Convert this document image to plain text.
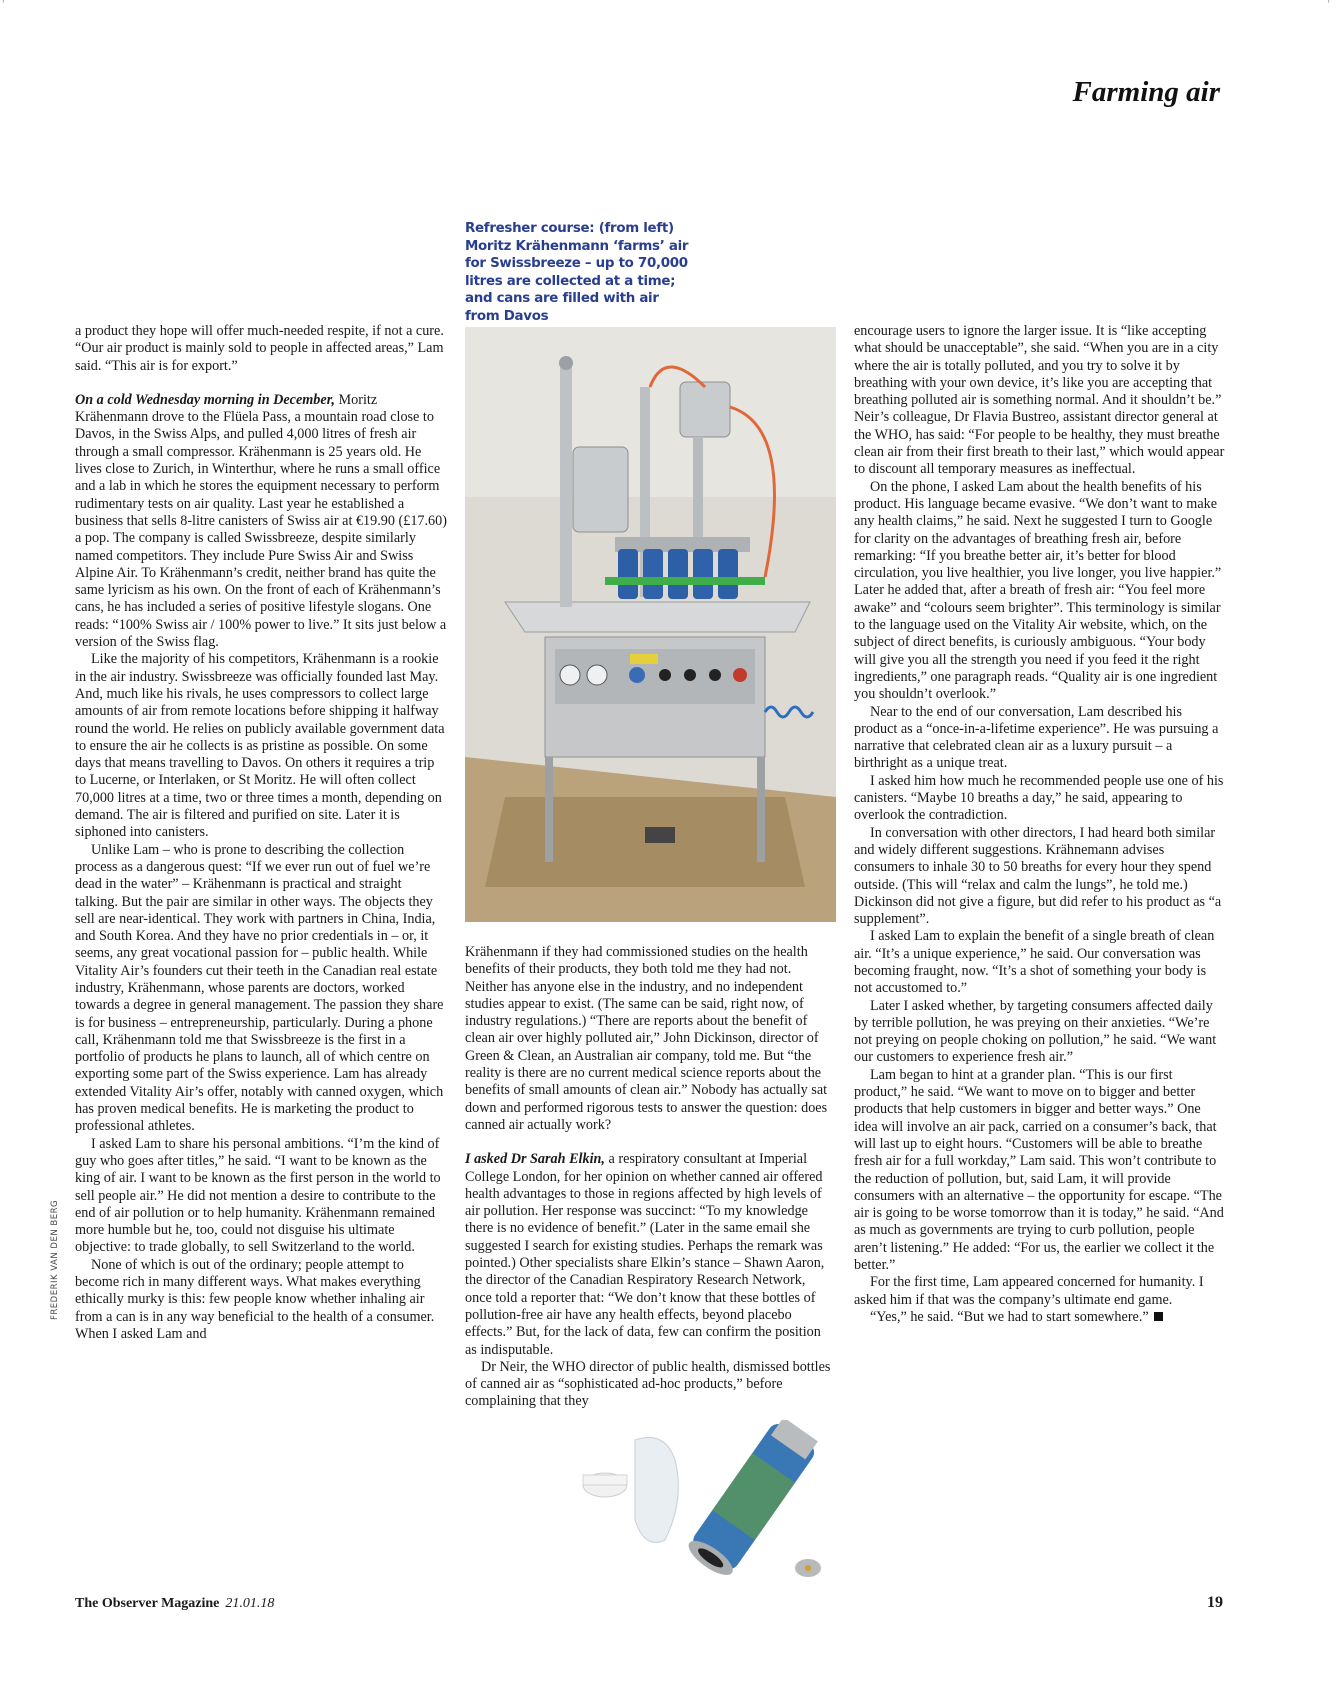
'	'
Farming air
Refresher course: (from left) Moritz Krähenmann ‘farms’ air for Swissbreeze – up to 70,000 litres are collected at a time; and cans are filled with air from Davos

a product they hope will offer much-needed respite, if not a cure. “Our air product is mainly sold to people in affected areas,” Lam said. “This air is for export.”

On a cold Wednesday morning in December, Moritz Krähenmann drove to the Flüela Pass, a mountain road close to Davos, in the Swiss Alps, and pulled 4,000 litres of fresh air through a small compressor. Krähenmann is 25 years old. He lives close to Zurich, in Winterthur, where he runs a small office and a lab in which he stores the equipment necessary to perform rudimentary tests on air quality. Last year he established a business that sells 8-litre canisters of Swiss air at €19.90 (£17.60) a pop. The company is called Swissbreeze, despite similarly named competitors. They include Pure Swiss Air and Swiss Alpine Air. To Krähenmann’s credit, neither brand has quite the same lyricism as his own. On the front of each of Krähenmann’s cans, he has included a series of positive lifestyle slogans. One reads: “100% Swiss air / 100% power to live.” It sits just below a version of the Swiss flag.

Like the majority of his competitors, Krähenmann is a rookie in the air industry. Swissbreeze was officially founded last May. And, much like his rivals, he uses compressors to collect large amounts of air from remote locations before shipping it halfway round the world. He relies on publicly available government data to ensure the air he collects is as pristine as possible. On some days that means travelling to Davos. On others it requires a trip to Lucerne, or Interlaken, or St Moritz. He will often collect 70,000 litres at a time, two or three times a month, depending on demand. The air is filtered and purified on site. Later it is siphoned into canisters.

Unlike Lam – who is prone to describing the collection process as a dangerous quest: “If we ever run out of fuel we’re dead in the water” – Krähenmann is practical and straight talking. But the pair are similar in other ways. The objects they sell are near-identical. They work with partners in China, India, and South Korea. And they have no prior credentials in – or, it seems, any great vocational passion for – public health. While Vitality Air’s founders cut their teeth in the Canadian real estate industry, Krähenmann, whose parents are doctors, worked towards a degree in general management. The passion they share is for business – entrepreneurship, particularly. During a phone call, Krähenmann told me that Swissbreeze is the first in a portfolio of products he plans to launch, all of which centre on exporting some part of the Swiss experience. Lam has already extended Vitality Air’s offer, notably with canned oxygen, which has proven medical benefits. He is marketing the product to professional athletes.

I asked Lam to share his personal ambitions. “I’m the kind of guy who goes after titles,” he said. “I want to be known as the king of air. I want to be known as the first person in the world to sell people air.” He did not mention a desire to contribute to the end of air pollution or to help humanity. Krähenmann remained more humble but he, too, could not disguise his ultimate objective: to trade globally, to sell Switzerland to the world.

None of which is out of the ordinary; people attempt to become rich in many different ways. What makes everything ethically murky is this: few people know whether inhaling air from a can is in any way beneficial to the health of a consumer. When I asked Lam and

Krähenmann if they had commissioned studies on the health benefits of their products, they both told me they had not. Neither has anyone else in the industry, and no independent studies appear to exist. (The same can be said, right now, of industry regulations.) “There are reports about the benefit of clean air over highly polluted air,” John Dickinson, director of Green & Clean, an Australian air company, told me. But “the reality is there are no current medical science reports about the benefits of small amounts of clean air.” Nobody has actually sat down and performed rigorous tests to answer the question: does canned air actually work?

I asked Dr Sarah Elkin, a respiratory consultant at Imperial College London, for her opinion on whether canned air offered health advantages to those in regions affected by high levels of air pollution. Her response was succinct: “To my knowledge there is no evidence of benefit.” (Later in the same email she suggested I search for existing studies. Perhaps the remark was pointed.) Other specialists share Elkin’s stance – Shawn Aaron, the director of the Canadian Respiratory Research Network, once told a reporter that: “We don’t know that these bottles of pollution-free air have any health effects, beyond placebo effects.” But, for the lack of data, few can confirm the position as indisputable.

Dr Neir, the WHO director of public health, dismissed bottles of canned air as “sophisticated ad-hoc products,” before complaining that they

encourage users to ignore the larger issue. It is “like accepting what should be unacceptable”, she said. “When you are in a city where the air is totally polluted, and you try to solve it by breathing with your own device, it’s like you are accepting that breathing polluted air is something normal. And it shouldn’t be.” Neir’s colleague, Dr Flavia Bustreo, assistant director general at the WHO, has said: “For people to be healthy, they must breathe clean air from their first breath to their last,” which would appear to discount all temporary measures as ineffectual.

On the phone, I asked Lam about the health benefits of his product. His language became evasive. “We don’t want to make any health claims,” he said. Next he suggested I turn to Google for clarity on the advantages of breathing fresh air, before remarking: “If you breathe better air, it’s better for blood circulation, you live healthier, you live longer, you live happier.” Later he added that, after a breath of fresh air: “You feel more awake” and “colours seem brighter”. This terminology is similar to the language used on the Vitality Air website, which, on the subject of direct benefits, is curiously ambiguous. “Your body will give you all the strength you need if you feed it the right ingredients,” one paragraph reads. “Quality air is one ingredient you shouldn’t overlook.”

Near to the end of our conversation, Lam described his product as a “once-in-a-lifetime experience”. He was pursuing a narrative that celebrated clean air as a luxury pursuit – a birthright as a unique treat.

I asked him how much he recommended people use one of his canisters. “Maybe 10 breaths a day,” he said, appearing to overlook the contradiction.

In conversation with other directors, I had heard both similar and widely different suggestions. Krähnemann advises consumers to inhale 30 to 50 breaths for every hour they spend outside. (This will “relax and calm the lungs”, he told me.) Dickinson did not give a figure, but did refer to his product as “a supplement”.

I asked Lam to explain the benefit of a single breath of clean air. “It’s a unique experience,” he said. Our conversation was becoming fraught, now. “It’s a shot of something your body is not accustomed to.”

Later I asked whether, by targeting consumers affected daily by terrible pollution, he was preying on their anxieties. “We’re not preying on people choking on pollution,” he said. “We want our customers to experience fresh air.”

Lam began to hint at a grander plan. “This is our first product,” he said. “We want to move on to bigger and better products that help customers in bigger and better ways.” One idea will involve an air pack, carried on a consumer’s back, that will last up to eight hours. “Customers will be able to breathe fresh air for a full workday,” Lam said. This won’t contribute to the reduction of pollution, but, said Lam, it will provide consumers with an alternative – the opportunity for escape. “The air is going to be worse tomorrow than it is today,” he said. “And as much as governments are trying to curb pollution, people aren’t listening.” He added: “For us, the earlier we collect it the better.”

For the first time, Lam appeared concerned for humanity. I asked him if that was the company’s ultimate end game.

“Yes,” he said. “But we had to start somewhere.”

FREDERIK VAN DEN BERG
The Observer Magazine 21.01.18	19
